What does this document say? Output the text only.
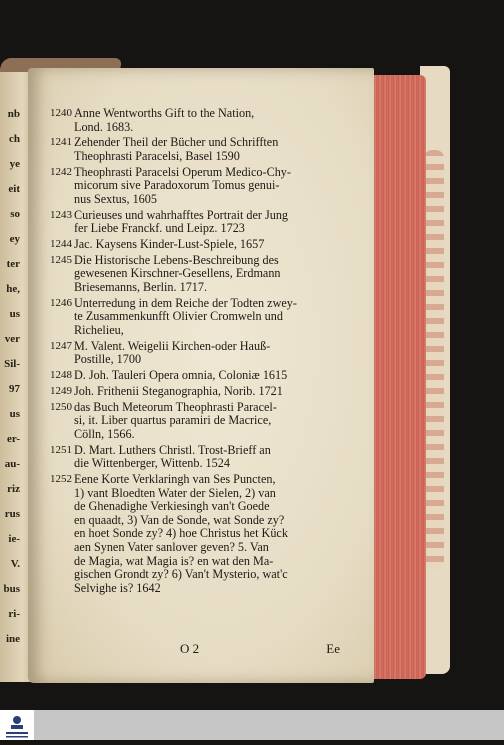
nb
ch
ye
eit
so
ey
ter
he,
us
ver
Sil-
97
us
er-
au-
riz
rus
ie-
V.
bus
ri-
ine
1240 Anne Wentworths Gift to the Nation,
Lond. 1683.
1241 Zehender Theil der Bücher und Schrifften
Theophrasti Paracelsi, Basel 1590
1242 Theophrasti Paracelsi Operum Medico-Chy-
micorum sive Paradoxorum Tomus genui-
nus Sextus, 1605
1243 Curieuses und wahrhafftes Portrait der Jung
fer Liebe Franckf. und Leipz. 1723
1244 Jac. Kaysens Kinder-Lust-Spiele, 1657
1245 Die Historische Lebens-Beschreibung des
gewesenen Kirschner-Gesellens, Erdmann
Briesemanns, Berlin. 1717.
1246 Unterredung in dem Reiche der Todten zwey-
te Zusammenkunfft Olivier Cromweln und
Richelieu,
1247 M. Valent. Weigelii Kirchen-oder Hauß-
Postille, 1700
1248 D. Joh. Tauleri Opera omnia, Coloniæ 1615
1249 Joh. Frithenii Steganographia, Norib. 1721
1250 das Buch Meteorum Theophrasti Paracel-
si, it. Liber quartus paramiri de Macrice,
Cölln, 1566.
1251 D. Mart. Luthers Christl. Trost-Brieff an
die Wittenberger, Wittenb. 1524
1252 Eene Korte Verklaringh van Ses Puncten,
1) vant Bloedten Water der Sielen, 2) van
de Ghenadighe Verkiesingh van't Goede
en quaadt, 3) Van de Sonde, wat Sonde zy?
en hoet Sonde zy? 4) hoe Christus het Kück
aen Synen Vater sanlover geven? 5. Van
de Magia, wat Magia is? en wat den Ma-
gischen Grondt zy? 6) Van't Mysterio, wat'c
Selvighe is? 1642
O 2	Ee
